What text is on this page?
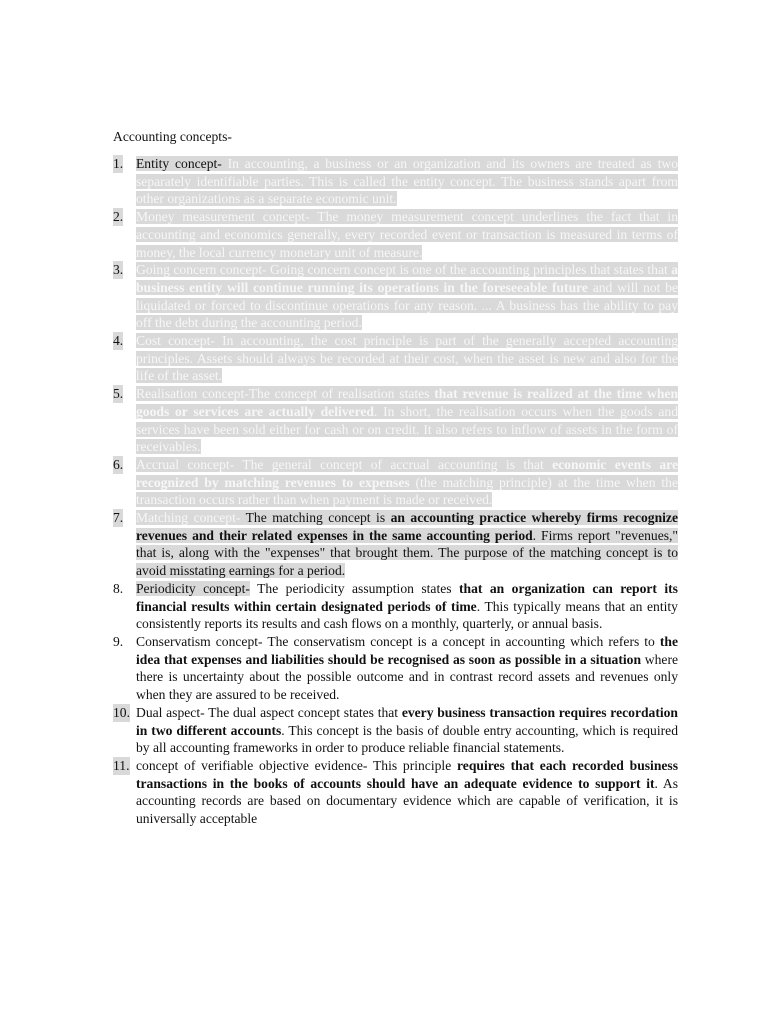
Accounting concepts-
1. Entity concept- In accounting, a business or an organization and its owners are treated as two separately identifiable parties. This is called the entity concept. The business stands apart from other organizations as a separate economic unit.
2. Money measurement concept- The money measurement concept underlines the fact that in accounting and economics generally, every recorded event or transaction is measured in terms of money, the local currency monetary unit of measure.
3. Going concern concept- Going concern concept is one of the accounting principles that states that a business entity will continue running its operations in the foreseeable future and will not be liquidated or forced to discontinue operations for any reason. ... A business has the ability to pay off the debt during the accounting period.
4. Cost concept- In accounting, the cost principle is part of the generally accepted accounting principles. Assets should always be recorded at their cost, when the asset is new and also for the life of the asset.
5. Realisation concept-The concept of realisation states that revenue is realized at the time when goods or services are actually delivered. In short, the realisation occurs when the goods and services have been sold either for cash or on credit. It also refers to inflow of assets in the form of receivables.
6. Accrual concept- The general concept of accrual accounting is that economic events are recognized by matching revenues to expenses (the matching principle) at the time when the transaction occurs rather than when payment is made or received.
7. Matching concept- The matching concept is an accounting practice whereby firms recognize revenues and their related expenses in the same accounting period. Firms report "revenues," that is, along with the "expenses" that brought them. The purpose of the matching concept is to avoid misstating earnings for a period.
8. Periodicity concept- The periodicity assumption states that an organization can report its financial results within certain designated periods of time. This typically means that an entity consistently reports its results and cash flows on a monthly, quarterly, or annual basis.
9. Conservatism concept- The conservatism concept is a concept in accounting which refers to the idea that expenses and liabilities should be recognised as soon as possible in a situation where there is uncertainty about the possible outcome and in contrast record assets and revenues only when they are assured to be received.
10. Dual aspect- The dual aspect concept states that every business transaction requires recordation in two different accounts. This concept is the basis of double entry accounting, which is required by all accounting frameworks in order to produce reliable financial statements.
11. concept of verifiable objective evidence- This principle requires that each recorded business transactions in the books of accounts should have an adequate evidence to support it. As accounting records are based on documentary evidence which are capable of verification, it is universally acceptable
